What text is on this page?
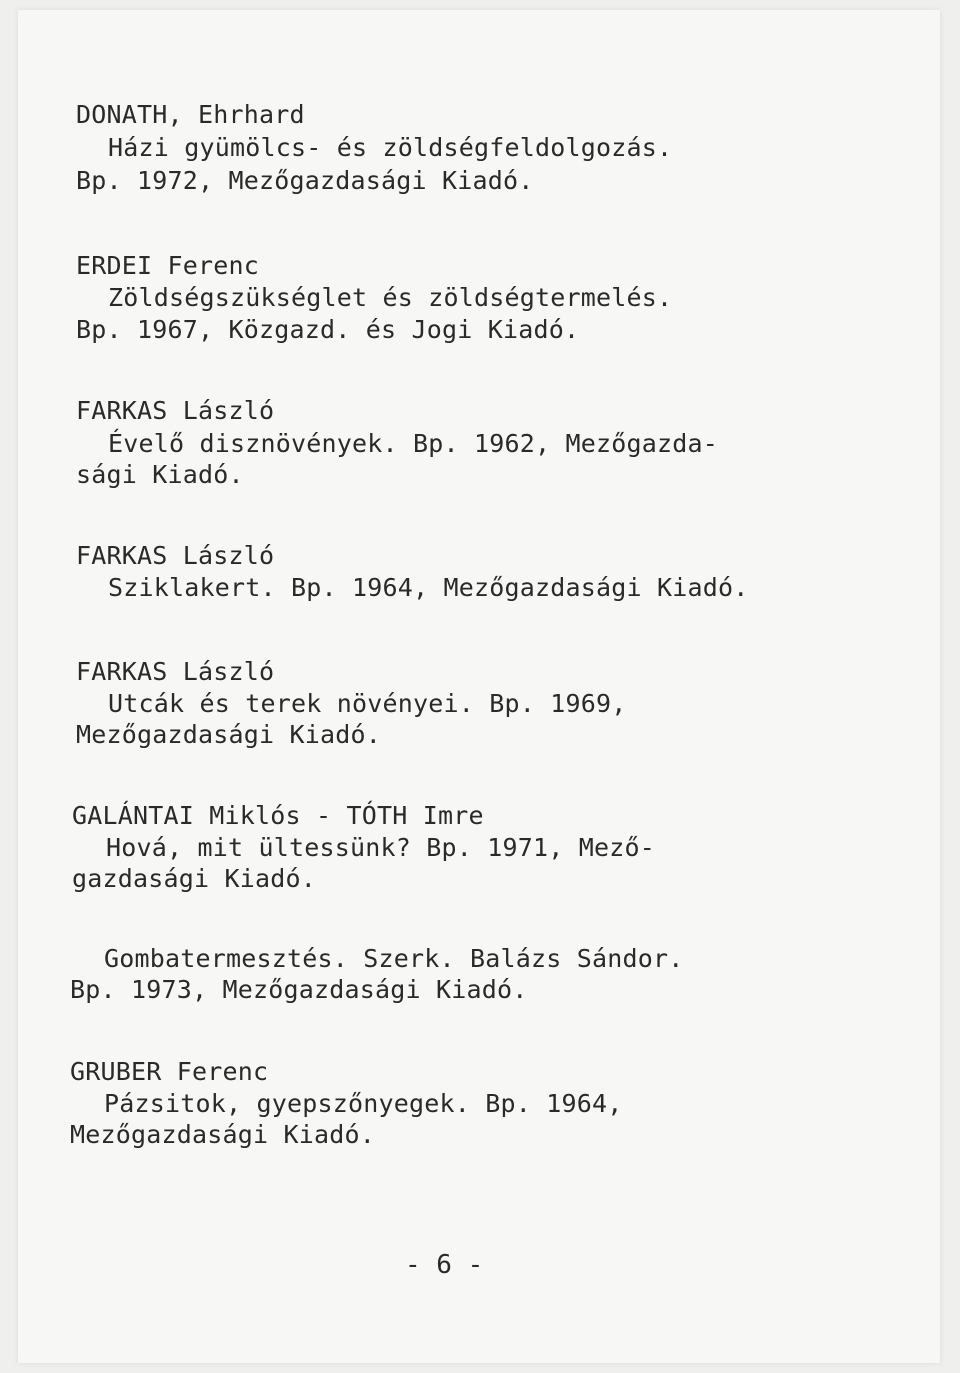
DONATH, Ehrhard
Házi gyümölcs- és zöldségfeldolgozás.
Bp. 1972, Mezőgazdasági Kiadó.
ERDEI Ferenc
Zöldségszükséglet és zöldségtermelés.
Bp. 1967, Közgazd. és Jogi Kiadó.
FARKAS László
Évelő disznövények. Bp. 1962, Mezőgazda-
sági Kiadó.
FARKAS László
Sziklakert. Bp. 1964, Mezőgazdasági Kiadó.
FARKAS László
Utcák és terek növényei. Bp. 1969,
Mezőgazdasági Kiadó.
GALÁNTAI Miklós - TÓTH Imre
Hová, mit ültessünk? Bp. 1971, Mező-
gazdasági Kiadó.
Gombatermesztés. Szerk. Balázs Sándor.
Bp. 1973, Mezőgazdasági Kiadó.
GRUBER Ferenc
Pázsitok, gyepszőnyegek. Bp. 1964,
Mezőgazdasági Kiadó.
- 6 -
